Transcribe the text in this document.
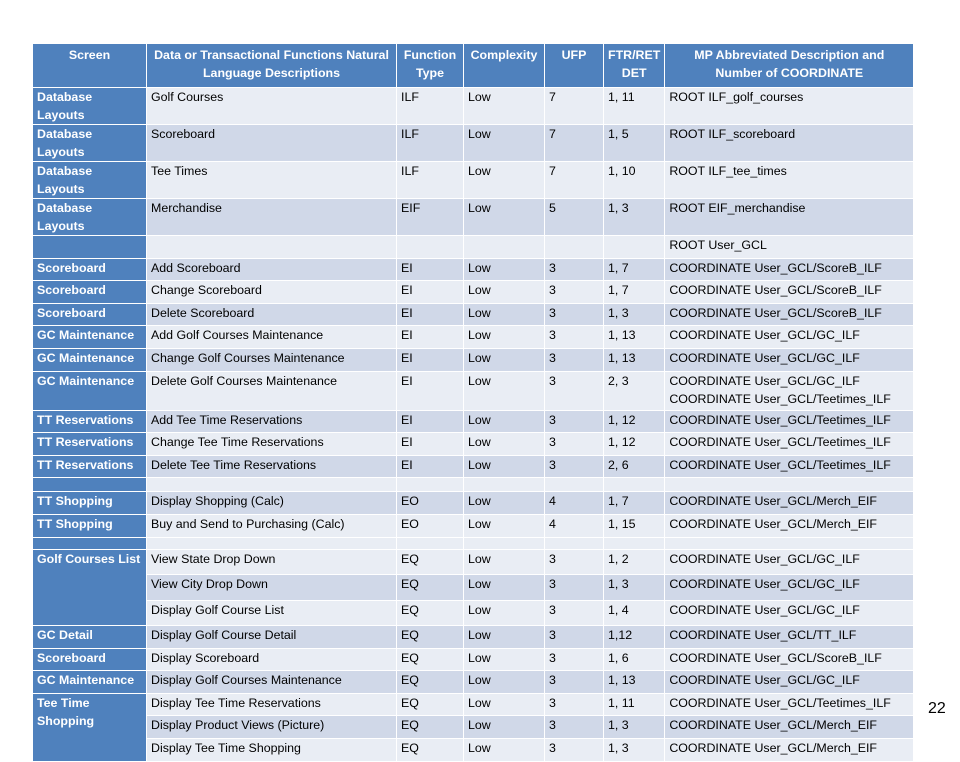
Screen	Data or Transactional Functions Natural Language Descriptions	Function Type	Complexity	UFP	FTR/RET DET	MP Abbreviated Description and Number of COORDINATE
Database Layouts	Golf Courses	ILF	Low	7	1, 11	ROOT ILF_golf_courses
Database Layouts	Scoreboard	ILF	Low	7	1, 5	ROOT ILF_scoreboard
Database Layouts	Tee Times	ILF	Low	7	1, 10	ROOT ILF_tee_times
Database Layouts	Merchandise	EIF	Low	5	1, 3	ROOT EIF_merchandise
						ROOT User_GCL
Scoreboard	Add Scoreboard	EI	Low	3	1, 7	COORDINATE User_GCL/ScoreB_ILF
Scoreboard	Change Scoreboard	EI	Low	3	1, 7	COORDINATE User_GCL/ScoreB_ILF
Scoreboard	Delete Scoreboard	EI	Low	3	1, 3	COORDINATE User_GCL/ScoreB_ILF
GC Maintenance	Add Golf Courses Maintenance	EI	Low	3	1, 13	COORDINATE User_GCL/GC_ILF
GC Maintenance	Change Golf Courses Maintenance	EI	Low	3	1, 13	COORDINATE User_GCL/GC_ILF
GC Maintenance	Delete Golf Courses Maintenance	EI	Low	3	2, 3	COORDINATE User_GCL/GC_ILF
COORDINATE User_GCL/Teetimes_ILF
TT Reservations	Add Tee Time Reservations	EI	Low	3	1, 12	COORDINATE User_GCL/Teetimes_ILF
TT Reservations	Change Tee Time Reservations	EI	Low	3	1, 12	COORDINATE User_GCL/Teetimes_ILF
TT Reservations	Delete Tee Time Reservations	EI	Low	3	2, 6	COORDINATE User_GCL/Teetimes_ILF

TT Shopping	Display Shopping (Calc)	EO	Low	4	1, 7	COORDINATE User_GCL/Merch_EIF
TT Shopping	Buy and Send to Purchasing (Calc)	EO	Low	4	1, 15	COORDINATE User_GCL/Merch_EIF

Golf Courses List	View State Drop Down	EQ	Low	3	1, 2	COORDINATE User_GCL/GC_ILF
	View City Drop Down	EQ	Low	3	1, 3	COORDINATE User_GCL/GC_ILF
	Display Golf Course List	EQ	Low	3	1, 4	COORDINATE User_GCL/GC_ILF
GC Detail	Display Golf Course Detail	EQ	Low	3	1,12	COORDINATE User_GCL/TT_ILF
Scoreboard	Display Scoreboard	EQ	Low	3	1, 6	COORDINATE User_GCL/ScoreB_ILF
GC Maintenance	Display Golf Courses Maintenance	EQ	Low	3	1, 13	COORDINATE User_GCL/GC_ILF
Tee Time Shopping	Display Tee Time Reservations	EQ	Low	3	1, 11	COORDINATE User_GCL/Teetimes_ILF
	Display Product Views (Picture)	EQ	Low	3	1, 3	COORDINATE User_GCL/Merch_EIF
	Display Tee Time Shopping	EQ	Low	3	1, 3	COORDINATE User_GCL/Merch_EIF
22
